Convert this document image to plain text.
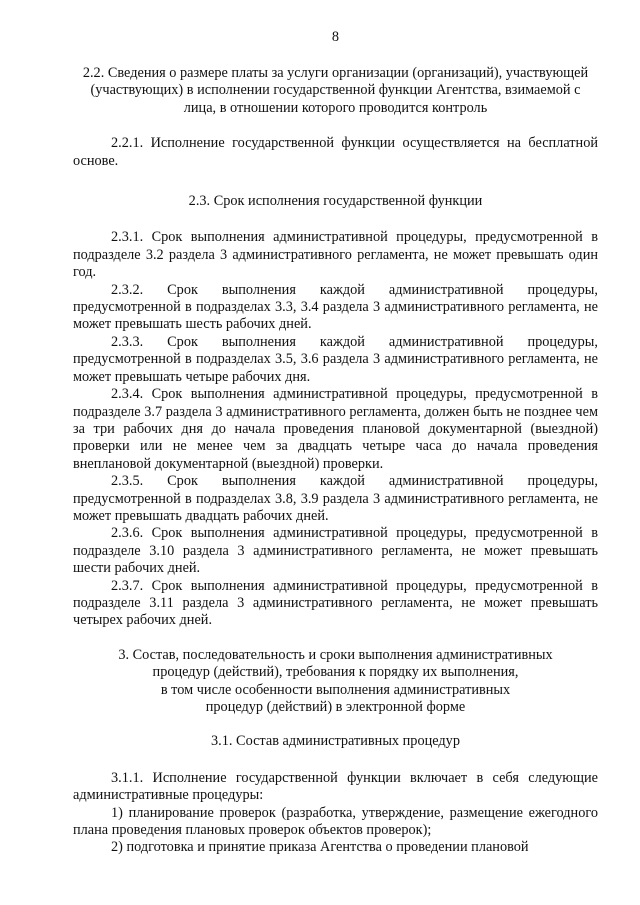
8

2.2. Сведения о размере платы за услуги организации (организаций), участвующей (участвующих) в исполнении государственной функции Агентства, взимаемой с лица, в отношении которого проводится контроль

2.2.1. Исполнение государственной функции осуществляется на бесплатной основе.

2.3. Срок исполнения государственной функции

2.3.1. Срок выполнения административной процедуры, предусмотренной в подразделе 3.2 раздела 3 административного регламента, не может превышать один год.

2.3.2. Срок выполнения каждой административной процедуры, предусмотренной в подразделах 3.3, 3.4 раздела 3 административного регламента, не может превышать шесть рабочих дней.

2.3.3. Срок выполнения каждой административной процедуры, предусмотренной в подразделах 3.5, 3.6 раздела 3 административного регламента, не может превышать четыре рабочих дня.

2.3.4. Срок выполнения административной процедуры, предусмотренной в подразделе 3.7 раздела 3 административного регламента, должен быть не позднее чем за три рабочих дня до начала проведения плановой документарной (выездной) проверки или не менее чем за двадцать четыре часа до начала проведения внеплановой документарной (выездной) проверки.

2.3.5. Срок выполнения каждой административной процедуры, предусмотренной в подразделах 3.8, 3.9 раздела 3 административного регламента, не может превышать двадцать рабочих дней.

2.3.6. Срок выполнения административной процедуры, предусмотренной в подразделе 3.10 раздела 3 административного регламента, не может превышать шести рабочих дней.

2.3.7. Срок выполнения административной процедуры, предусмотренной в подразделе 3.11 раздела 3 административного регламента, не может превышать четырех рабочих дней.

3. Состав, последовательность и сроки выполнения административных
процедур (действий), требования к порядку их выполнения,
в том числе особенности выполнения административных
процедур (действий) в электронной форме

3.1. Состав административных процедур

3.1.1. Исполнение государственной функции включает в себя следующие административные процедуры:

1) планирование проверок (разработка, утверждение, размещение ежегодного плана проведения плановых проверок объектов проверок);

2) подготовка и принятие приказа Агентства о проведении плановой
